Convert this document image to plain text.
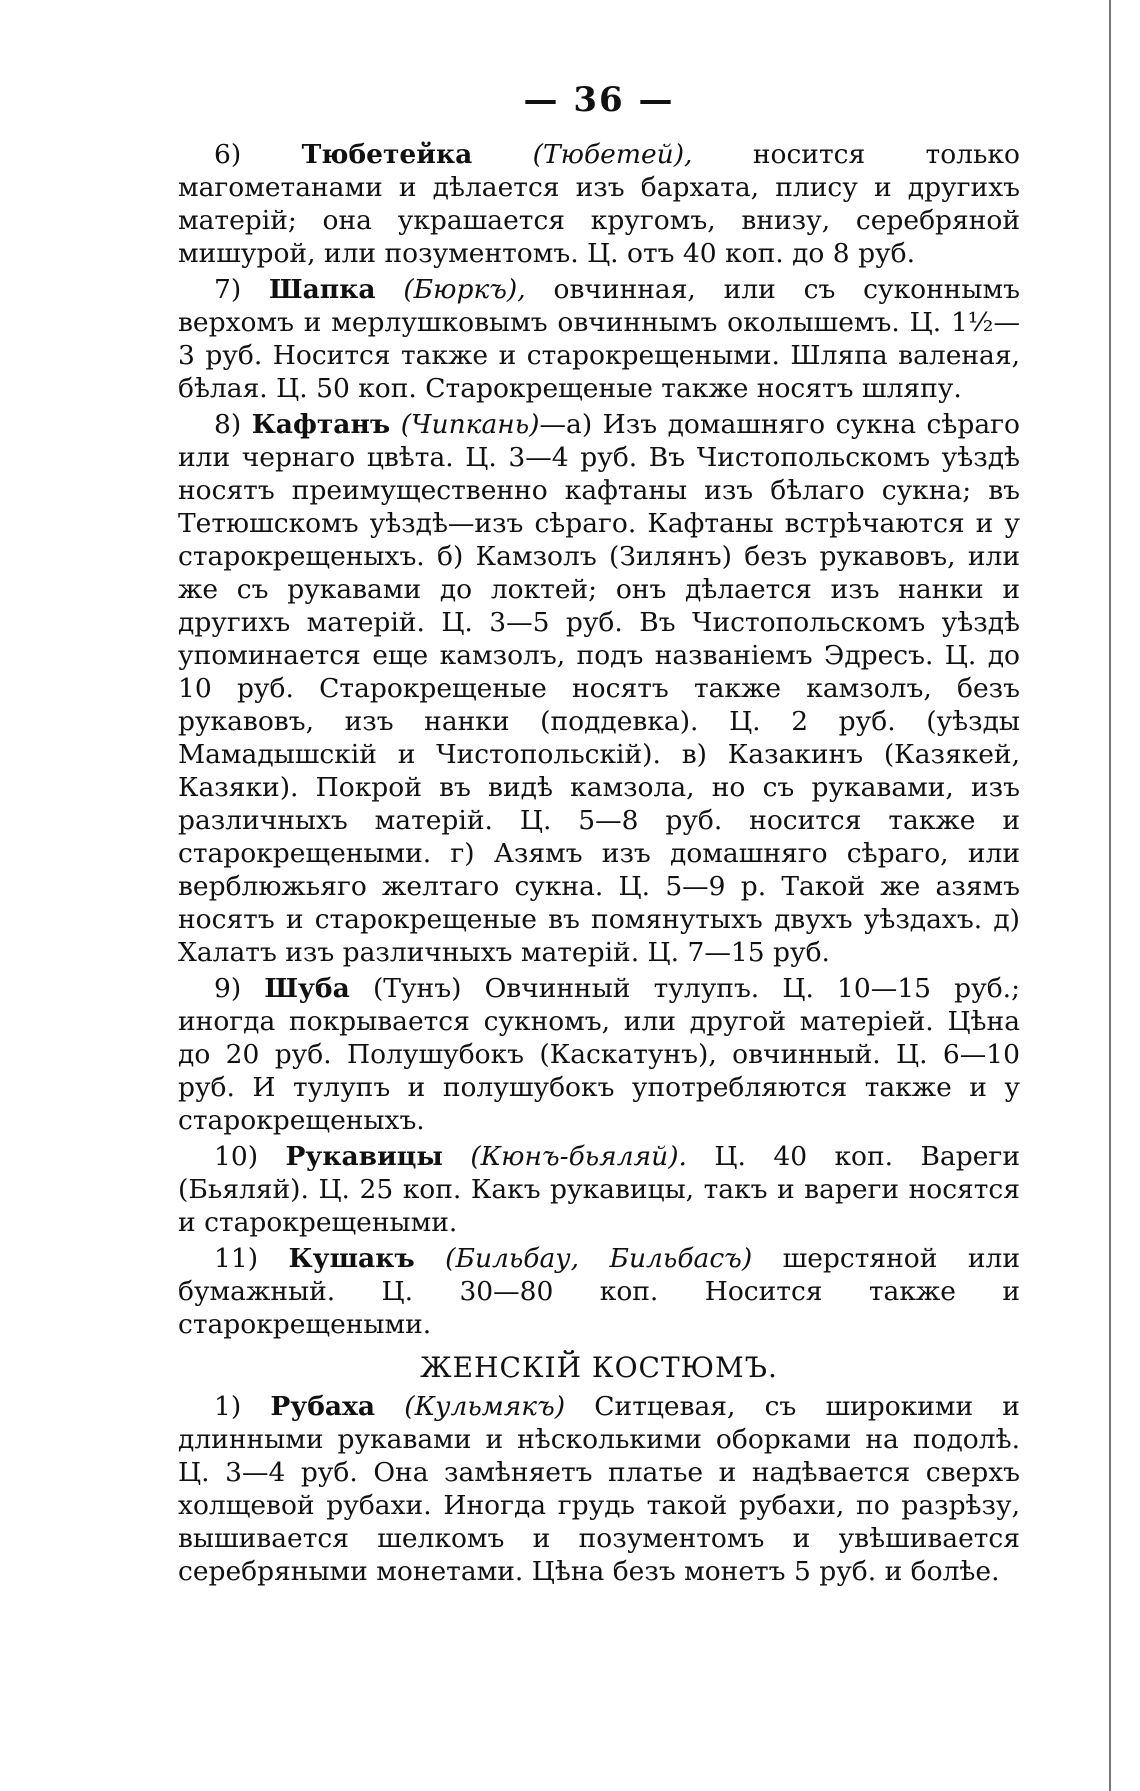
— 36 —

6) Тюбетейка (Тюбетей), носится только магометанами и дѣлается изъ бархата, плису и другихъ матерій; она украшается кругомъ, внизу, серебряной мишурой, или позументомъ. Ц. отъ 40 коп. до 8 руб.

7) Шапка (Бюркъ), овчинная, или съ суконнымъ верхомъ и мерлушковымъ овчиннымъ околышемъ. Ц. 1½—3 руб. Носится также и старокрещеными. Шляпа валеная, бѣлая. Ц. 50 коп. Старокрещеные также носятъ шляпу.

8) Кафтанъ (Чипкань)—а) Изъ домашняго сукна сѣраго или чернаго цвѣта. Ц. 3—4 руб. Въ Чистопольскомъ уѣздѣ носятъ преимущественно кафтаны изъ бѣлаго сукна; въ Тетюшскомъ уѣздѣ—изъ сѣраго. Кафтаны встрѣчаются и у старокрещеныхъ. б) Камзолъ (Зилянъ) безъ рукавовъ, или же съ рукавами до локтей; онъ дѣлается изъ нанки и другихъ матерій. Ц. 3—5 руб. Въ Чистопольскомъ уѣздѣ упоминается еще камзолъ, подъ названіемъ Эдресъ. Ц. до 10 руб. Старокрещеные носятъ также камзолъ, безъ рукавовъ, изъ нанки (поддевка). Ц. 2 руб. (уѣзды Мамадышскій и Чистопольскій). в) Казакинъ (Казякей, Казяки). Покрой въ видѣ камзола, но съ рукавами, изъ различныхъ матерій. Ц. 5—8 руб. носится также и старокрещеными. г) Азямъ изъ домашняго сѣраго, или верблюжьяго желтаго сукна. Ц. 5—9 р. Такой же азямъ носятъ и старокрещеные въ помянутыхъ двухъ уѣздахъ. д) Халатъ изъ различныхъ матерій. Ц. 7—15 руб.

9) Шуба (Тунъ) Овчинный тулупъ. Ц. 10—15 руб.; иногда покрывается сукномъ, или другой матеріей. Цѣна до 20 руб. Полушубокъ (Каскатунъ), овчинный. Ц. 6—10 руб. И тулупъ и полушубокъ употребляются также и у старокрещеныхъ.

10) Рукавицы (Кюнъ-бьяляй). Ц. 40 коп. Вареги (Бьяляй). Ц. 25 коп. Какъ рукавицы, такъ и вареги носятся и старокрещеными.

11) Кушакъ (Бильбау, Бильбасъ) шерстяной или бумажный. Ц. 30—80 коп. Носится также и старокрещеными.

ЖЕНСКІЙ КОСТЮМЪ.

1) Рубаха (Кульмякъ) Ситцевая, съ широкими и длинными рукавами и нѣсколькими оборками на подолѣ. Ц. 3—4 руб. Она замѣняетъ платье и надѣвается сверхъ холщевой рубахи. Иногда грудь такой рубахи, по разрѣзу, вышивается шелкомъ и позументомъ и увѣшивается серебряными монетами. Цѣна безъ монетъ 5 руб. и болѣе.
